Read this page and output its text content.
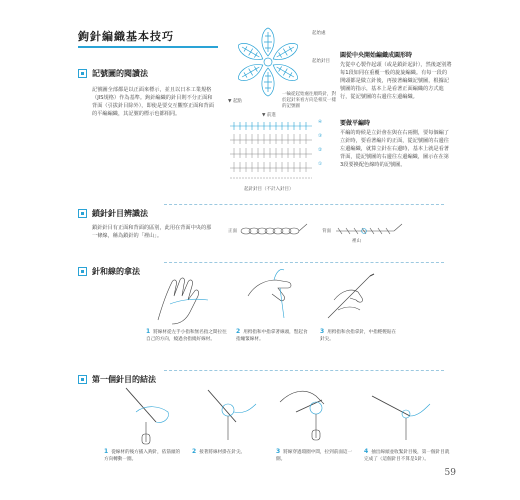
鉤針編織基本技巧
記號圖的閱讀法
記號圖全部都是以正面來標示，並且以日本工業規格（JIS規格）作為基準。鉤針編織的針目則不分正面和背面（引拔針目除外），即使是要交互觀察正面和背面的平編編織，其記號的標示也都相同。
起始處
起始針目
一輪從起始處往順時針，對於起針來看方向是相反一樣的記號圖
▼ 起點
▼ 前進
④
③
②
①
起針針目（不計入針目）
圓從中央開始編織成圓形時
先從中心製作起頭（或是鎖針起針），然後逐別將每1段如同在重覆一般的旋旋編織。有每一段的開頭都是做立針後，再接著編織記號圖，根據記號圖的指示，基本上是看著正面編織的方式進行，從記號圖的右邊往左邊編織。
要做平編時
平編的時候是立針會在與在右兩側，要每個編了立針時，要看著編片的正面，從記號圖的右邊往左邊編織，就算立針在右邊時，基本上就是看著背面，從記號圖的右邊往左邊編織，圖示在在第3段要換配色線時的記號圖。
鎖針針目辨識法
鎖針針目有正面和背面的區別，此用在背面中央的那一條線，稱為鎖針的「裡山」。
正面	背面
裡山
針和線的拿法
1 將線材從左手小指和無名指之間拉往自己的方向，繞過食指繞好線材。
2 用拇指和中指拿著線頭，豎起食指繃緊線材。
3 用拇指和食指拿針，中指輕輕貼在針尖。
第一個針目的結法
1 從線材的後方插入鉤針，依箭頭的方向轉動一圈。
2 接著將線材掛在針尖。	3 將線穿過環圈中間，拉到前面這一側。
4 抽出線頭並收緊針目後，第一個針目就完成了（這個針目不算是1針）。
59
